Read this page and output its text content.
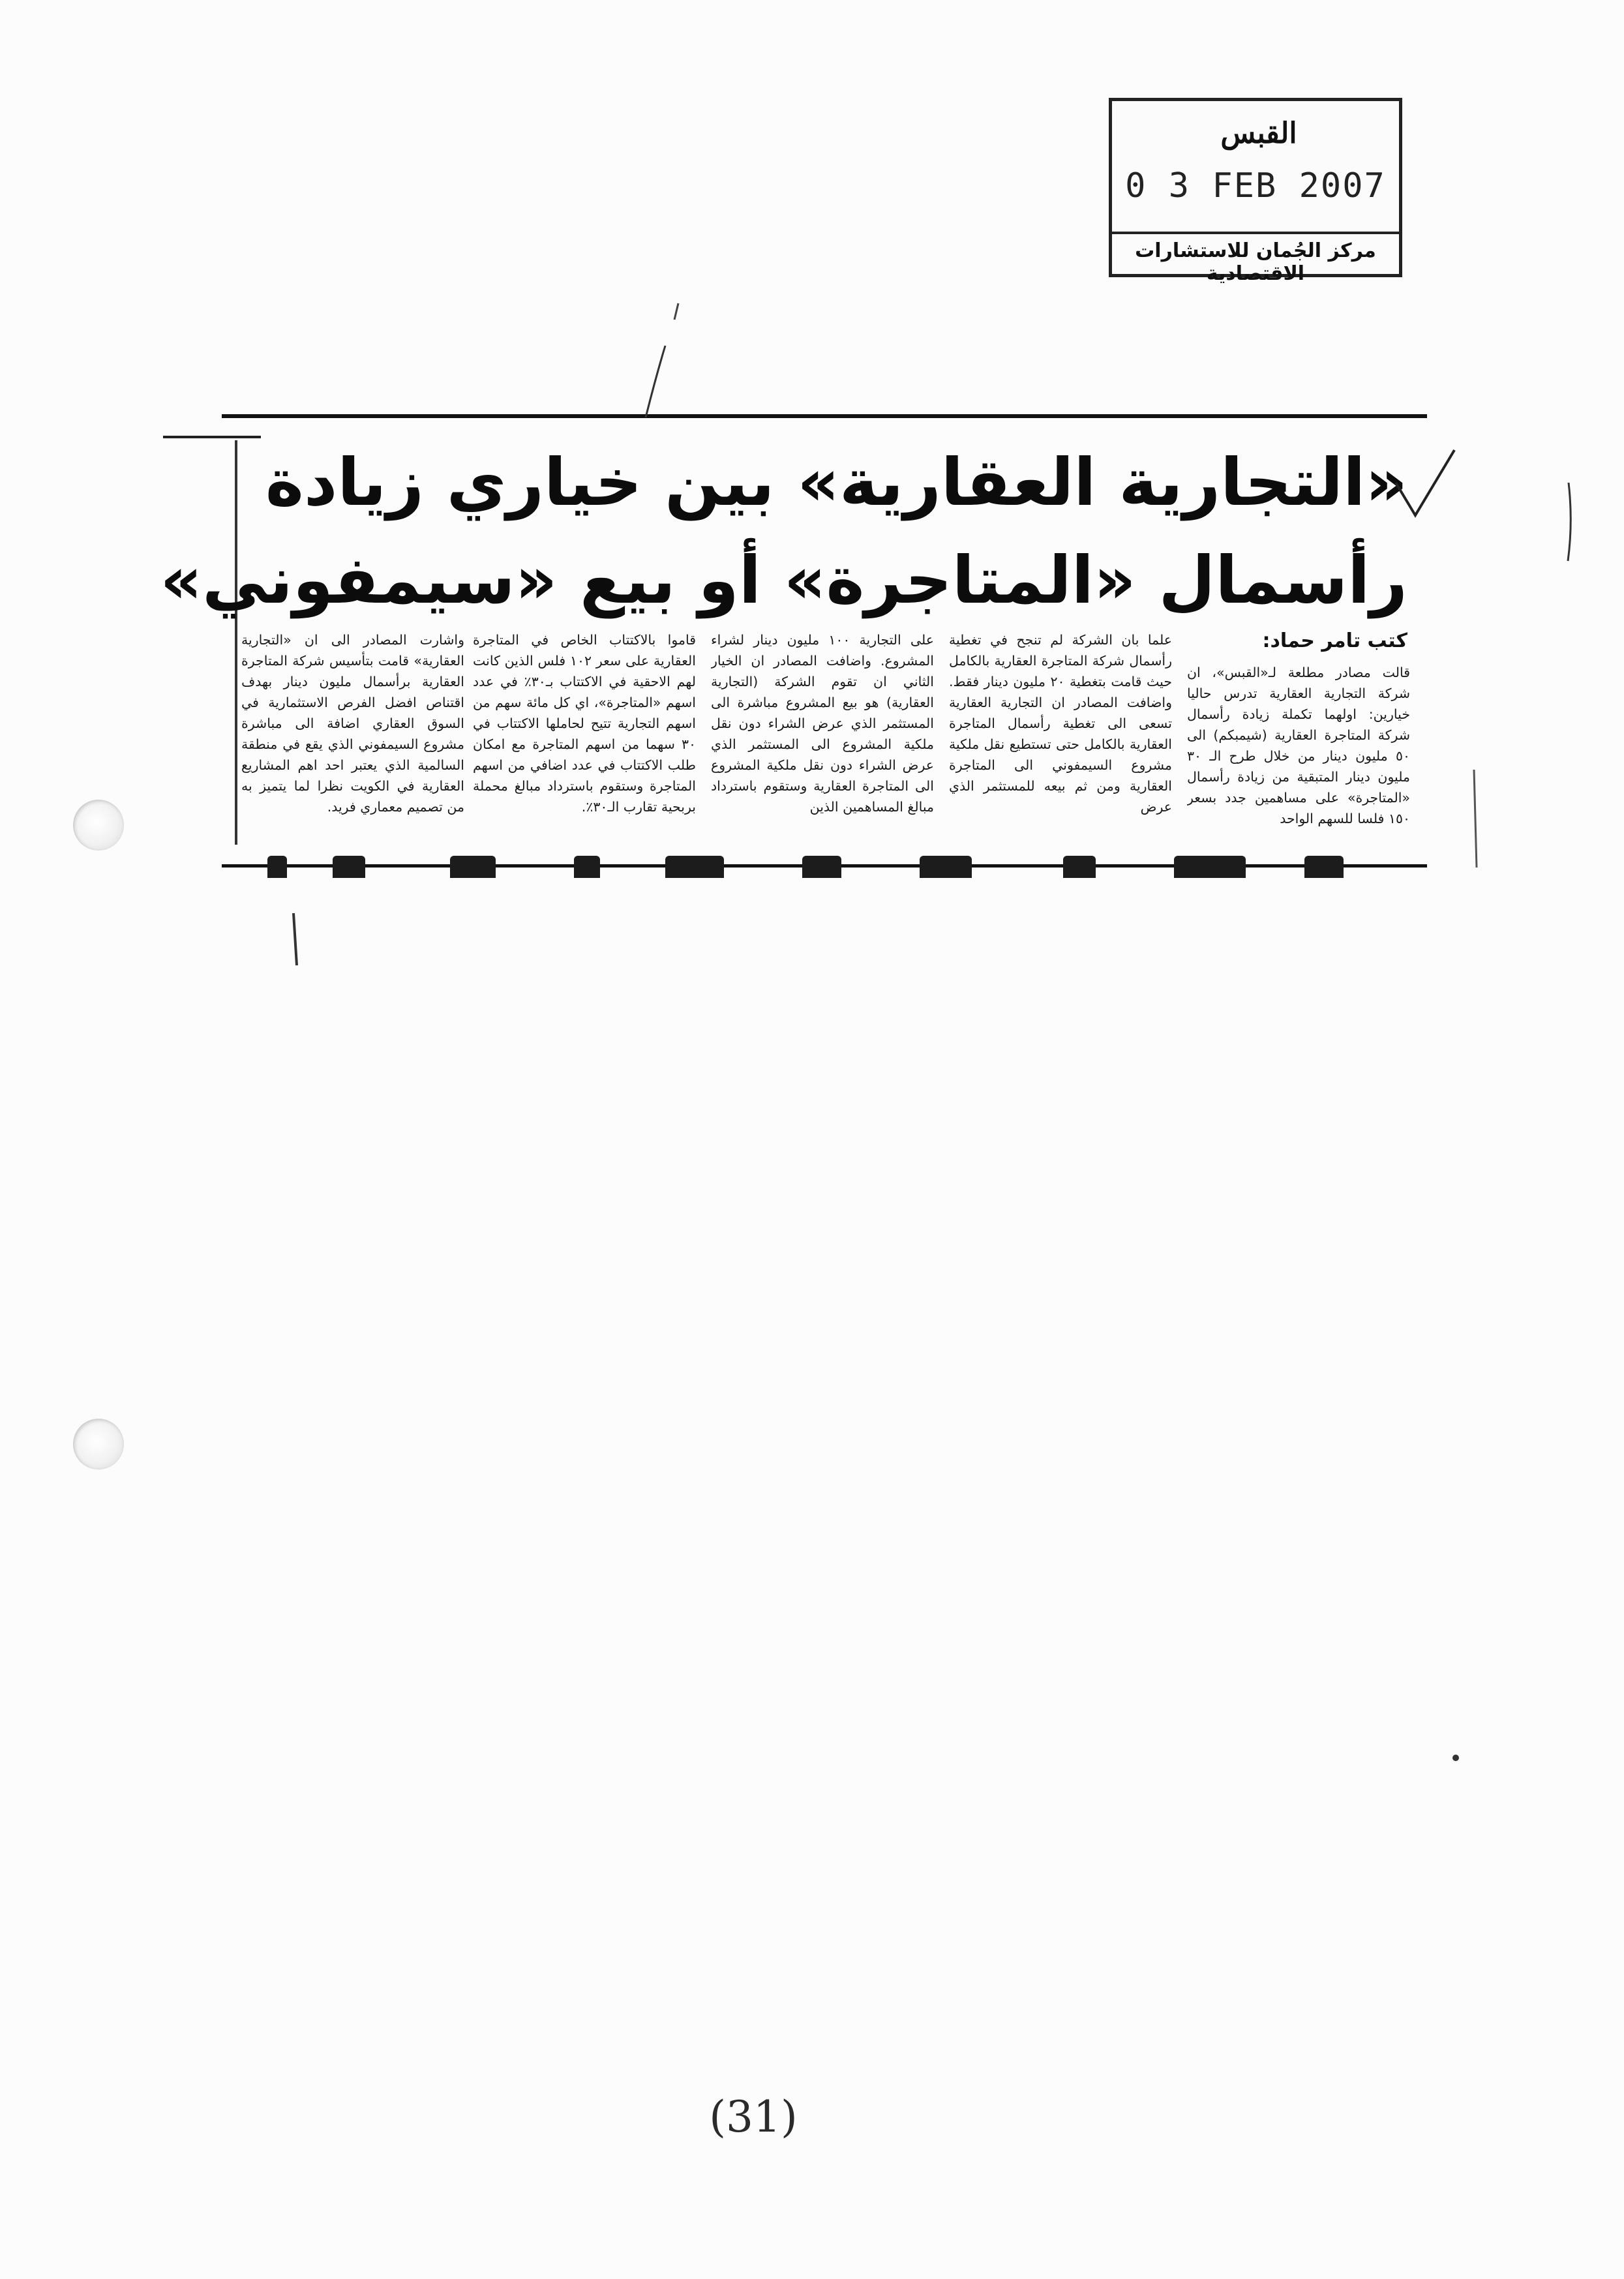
القبس
0 3 FEB 2007
مركز الجُمان للاستشارات الاقتصادية
«التجارية العقارية» بين خياري زيادة
رأسمال «المتاجرة» أو بيع «سيمفوني»
كتب تامر حماد:
قالت مصادر مطلعة لـ«القبس»، ان شركة التجارية العقارية تدرس حاليا خيارين: اولهما تكملة زيادة رأسمال شركة المتاجرة العقارية (شيمبكم) الى ٥٠ مليون دينار من خلال طرح الـ ٣٠ مليون دينار المتبقية من زيادة رأسمال «المتاجرة» على مساهمين جدد بسعر ١٥٠ فلسا للسهم الواحد
علما بان الشركة لم تنجح في تغطية رأسمال شركة المتاجرة العقارية بالكامل حيث قامت بتغطية ٢٠ مليون دينار فقط. واضافت المصادر ان التجارية العقارية تسعى الى تغطية رأسمال المتاجرة العقارية بالكامل حتى تستطيع نقل ملكية مشروع السيمفوني الى المتاجرة العقارية ومن ثم بيعه للمستثمر الذي عرض
على التجارية ١٠٠ مليون دينار لشراء المشروع. واضافت المصادر ان الخيار الثاني ان تقوم الشركة (التجارية العقارية) هو بيع المشروع مباشرة الى المستثمر الذي عرض الشراء دون نقل ملكية المشروع الى المستثمر الذي عرض الشراء دون نقل ملكية المشروع الى المتاجرة العقارية وستقوم باسترداد مبالغ المساهمين الذين
قاموا بالاكتتاب الخاص في المتاجرة العقارية على سعر ١٠٢ فلس الذين كانت لهم الاحقية في الاكتتاب بـ٣٠٪ في عدد اسهم «المتاجرة»، اي كل مائة سهم من اسهم التجارية تتيح لحاملها الاكتتاب في ٣٠ سهما من اسهم المتاجرة مع امكان طلب الاكتتاب في عدد اضافي من اسهم المتاجرة وستقوم باسترداد مبالغ محملة بربحية تقارب الـ٣٠٪.
واشارت المصادر الى ان «التجارية العقارية» قامت بتأسيس شركة المتاجرة العقارية برأسمال مليون دينار بهدف اقتناص افضل الفرص الاستثمارية في السوق العقاري اضافة الى مباشرة مشروع السيمفوني الذي يقع في منطقة السالمية الذي يعتبر احد اهم المشاريع العقارية في الكويت نظرا لما يتميز به من تصميم معماري فريد.
(31)
